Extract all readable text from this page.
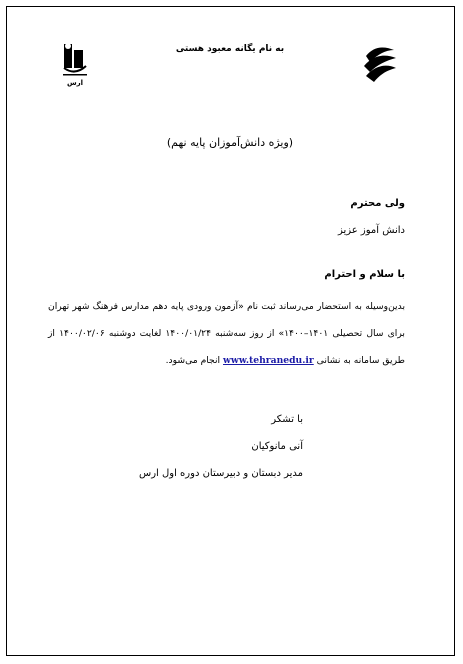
ارس
به نام یگانه معبود هستی
(ویژه دانش‌آموزان پایه نهم)
ولی محترم
دانش آموز عزیز
با سلام و احترام
بدین‌وسیله به استحضار می‌رساند ثبت نام «آزمون ورودی پایه دهم مدارس فرهنگ شهر تهران برای سال تحصیلی ۱۴۰۱–۱۴۰۰» از روز سه‌شنبه ۱۴۰۰/۰۱/۲۴ لغایت دوشنبه ۱۴۰۰/۰۲/۰۶ از طریق سامانه به نشانی www.tehranedu.ir انجام می‌شود.
با تشکر
آنی مانوکیان
مدیر دبستان و دبیرستان دوره اول ارس
